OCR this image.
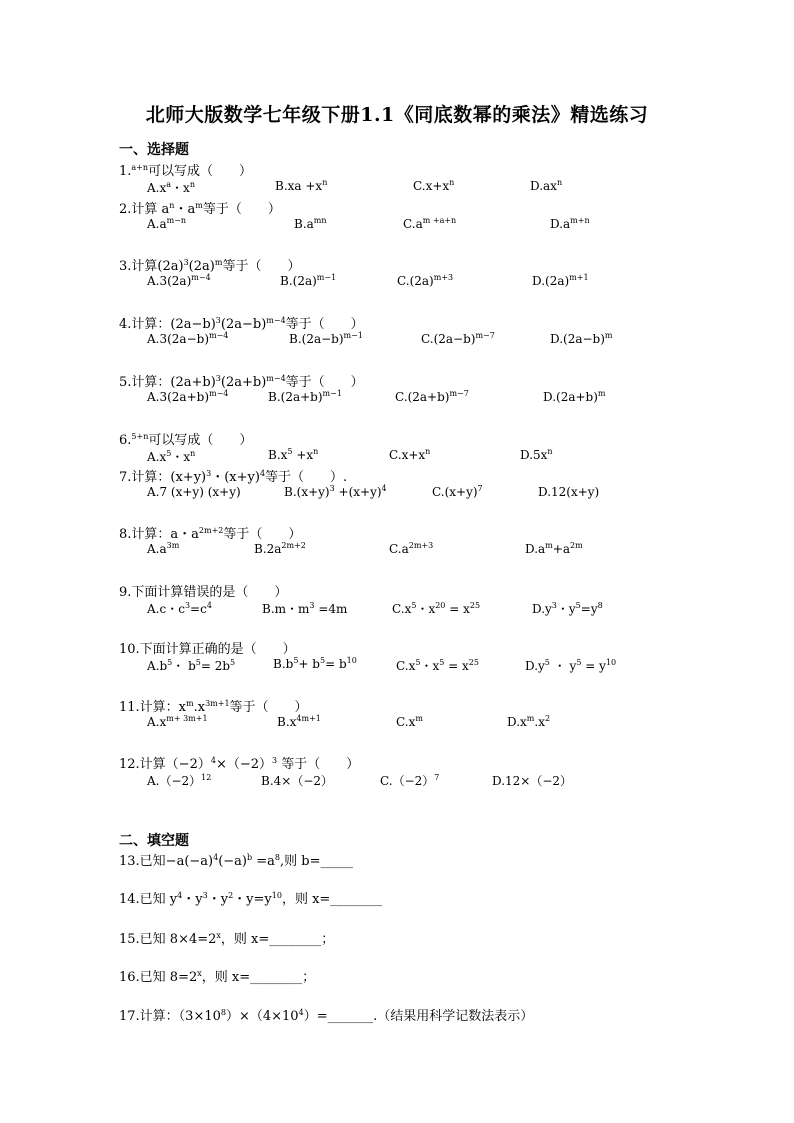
北师大版数学七年级下册1.1《同底数幂的乘法》精选练习
一、选择题
1.$^{a+n}$可以写成（　　）
$A.x^a$・$x^n$	$B.xa +x^n$	$C.x+x^n$	$D.ax^n$
2.计算 $a^n$・$a^m$等于（　　）
$A.a^{m-n}$	$B.a^{mn}$	$C.a^{m +a+n}$	$D.a^{m+n}$
3.计算$(2a)^3(2a)^m$等于（　　）
$A.3(2a)^{m-4}$	$B.(2a)^{m-1}$	$C.(2a)^{m+3}$	$D.(2a)^{m+1}$
4.计算：$(2a-b)^3(2a-b)^{m-4}$等于（　　）
$A.3(2a-b)^{m-4}$	$B.(2a-b)^{m-1}$	$C.(2a-b)^{m-7}$	$D.(2a-b)^m$
5.计算：$(2a+b)^3(2a+b)^{m-4}$等于（　　）
$A.3(2a+b)^{m-4}$	$B.(2a+b)^{m-1}$	$C.(2a+b)^{m-7}$	$D.(2a+b)^m$
6.$^{5+n}$可以写成（　　）
$A.x^5$・$x^n$	$B.x^5 +x^n$	$C.x+x^n$	$D.5x^n$
7.计算：$(x+y)^3$・$(x+y)^4$等于（　　）.
A.7 (x+y) (x+y)	$B.(x+y)^3 +(x+y)^4$	$C.(x+y)^7$	D.12(x+y)
8.计算：a・$a^{2m+2}$等于（　　）
$A.a^{3m}$	$B.2a^{2m+2}$	$C.a^{2m+3}$	$D.a^m+a^{2m}$
9.下面计算错误的是（　　）
A.c・$c^3=c^4$	B.m・$m^3 =4m$	$C.x^5$・$x^{20} = x^{25}$	$D.y^3$・$y^5=y^8$
10.下面计算正确的是（　　）
$A.b^5$・ $b^5= 2b^5$	$B.b^5+ b^5= b^{10}$	$C.x^5$・$x^5 = x^{25}$	$D.y^5$ ・ $y^5 = y^{10}$
11.计算：$x^m.x^{3m+1}$等于（　　）
$A.x^{m+ 3m+1}$	$B.x^{4m+1}$	$C.x^m$	$D.x^m.x^2$
12.计算$(-2)^4\times(-2)^3$ 等于（　　）
$A.(-2)^{12}$	B.4×（−2）	$C.(-2)^7$	D.12×（−2）
二、填空题
13.已知$-a(-a)^4(-a)^b =a^8$,则 b=_____
14.已知 $y^4$・$y^3$・$y^2$・$y=y^{10}$，则 x=________
15.已知 $8\times 4=2^x$，则 x=________；
16.已知 $8=2^x$，则 x=________；
17.计算：$(3\times 10^8)\times(4\times 10^4)=\_\_\_\_\_\_\_$.（结果用科学记数法表示）
